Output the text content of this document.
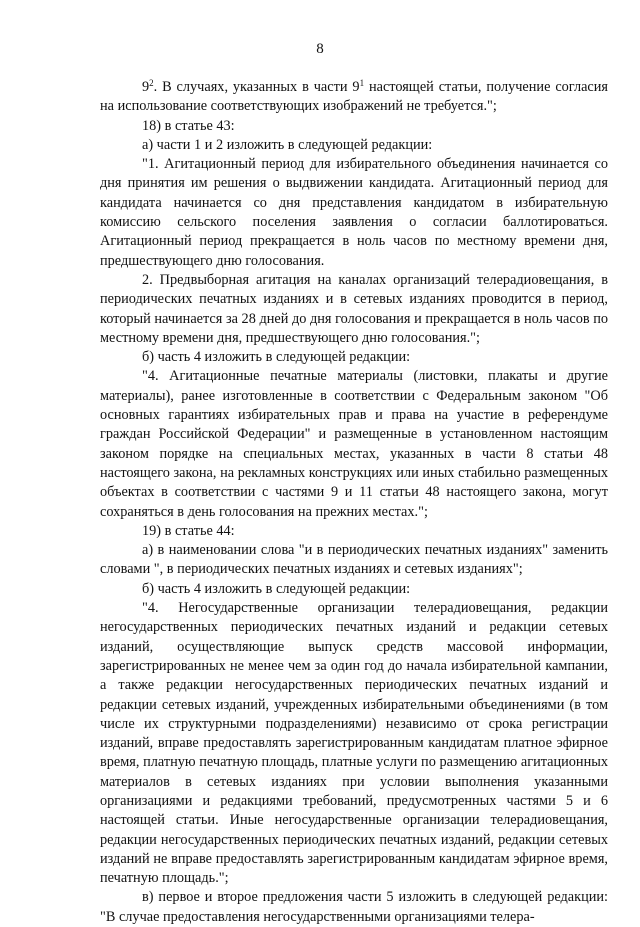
8

$9^2$. В случаях, указанных в части $9^1$ настоящей статьи, получение согласия на использование соответствующих изображений не требуется.";

18) в статье 43:

а) части 1 и 2 изложить в следующей редакции:

"1. Агитационный период для избирательного объединения начинается со дня принятия им решения о выдвижении кандидата. Агитационный период для кандидата начинается со дня представления кандидатом в избирательную комиссию сельского поселения заявления о согласии баллотироваться. Агитационный период прекращается в ноль часов по местному времени дня, предшествующего дню голосования.

2. Предвыборная агитация на каналах организаций телерадиовещания, в периодических печатных изданиях и в сетевых изданиях проводится в период, который начинается за 28 дней до дня голосования и прекращается в ноль часов по местному времени дня, предшествующего дню голосования.";

б) часть 4 изложить в следующей редакции:

"4. Агитационные печатные материалы (листовки, плакаты и другие материалы), ранее изготовленные в соответствии с Федеральным законом "Об основных гарантиях избирательных прав и права на участие в референдуме граждан Российской Федерации" и размещенные в установленном настоящим законом порядке на специальных местах, указанных в части 8 статьи 48 настоящего закона, на рекламных конструкциях или иных стабильно размещенных объектах в соответствии с частями 9 и 11 статьи 48 настоящего закона, могут сохраняться в день голосования на прежних местах.";

19) в статье 44:

а) в наименовании слова "и в периодических печатных изданиях" заменить словами ", в периодических печатных изданиях и сетевых изданиях";

б) часть 4 изложить в следующей редакции:

"4. Негосударственные организации телерадиовещания, редакции негосударственных периодических печатных изданий и редакции сетевых изданий, осуществляющие выпуск средств массовой информации, зарегистрированных не менее чем за один год до начала избирательной кампании, а также редакции негосударственных периодических печатных изданий и редакции сетевых изданий, учрежденных избирательными объединениями (в том числе их структурными подразделениями) независимо от срока регистрации изданий, вправе предоставлять зарегистрированным кандидатам платное эфирное время, платную печатную площадь, платные услуги по размещению агитационных материалов в сетевых изданиях при условии выполнения указанными организациями и редакциями требований, предусмотренных частями 5 и 6 настоящей статьи. Иные негосударственные организации телерадиовещания, редакции негосударственных периодических печатных изданий, редакции сетевых изданий не вправе предоставлять зарегистрированным кандидатам эфирное время, печатную площадь.";

в) первое и второе предложения части 5 изложить в следующей редакции: "В случае предоставления негосударственными организациями телера-
